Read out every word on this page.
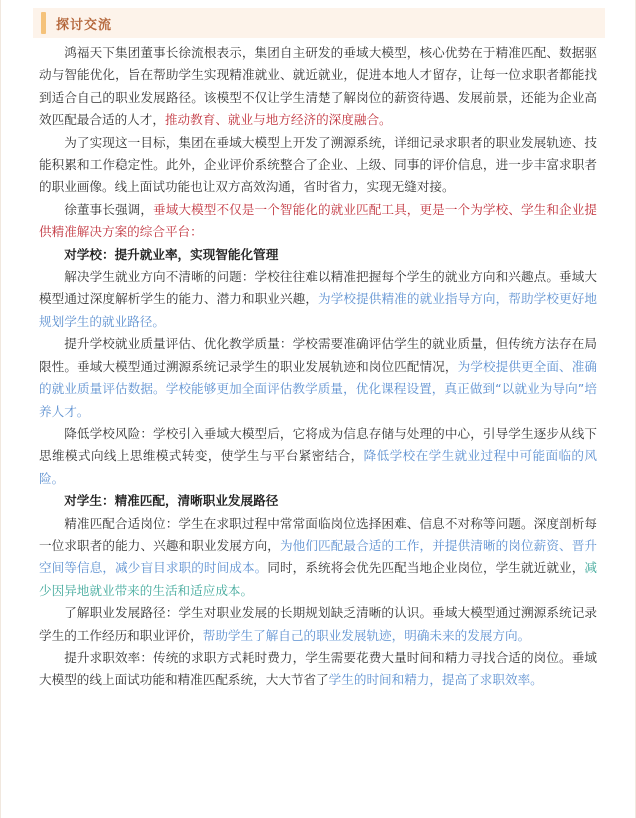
探讨交流

鸿福天下集团董事长徐流根表示，集团自主研发的垂域大模型，核心优势在于精准匹配、数据驱动与智能优化，旨在帮助学生实现精准就业、就近就业，促进本地人才留存，让每一位求职者都能找到适合自己的职业发展路径。该模型不仅让学生清楚了解岗位的薪资待遇、发展前景，还能为企业高效匹配最合适的人才，推动教育、就业与地方经济的深度融合。

为了实现这一目标，集团在垂域大模型上开发了溯源系统，详细记录求职者的职业发展轨迹、技能积累和工作稳定性。此外，企业评价系统整合了企业、上级、同事的评价信息，进一步丰富求职者的职业画像。线上面试功能也让双方高效沟通，省时省力，实现无缝对接。

徐董事长强调，垂域大模型不仅是一个智能化的就业匹配工具，更是一个为学校、学生和企业提供精准解决方案的综合平台：

对学校：提升就业率，实现智能化管理

解决学生就业方向不清晰的问题：学校往往难以精准把握每个学生的就业方向和兴趣点。垂域大模型通过深度解析学生的能力、潜力和职业兴趣，为学校提供精准的就业指导方向，帮助学校更好地规划学生的就业路径。

提升学校就业质量评估、优化教学质量：学校需要准确评估学生的就业质量，但传统方法存在局限性。垂域大模型通过溯源系统记录学生的职业发展轨迹和岗位匹配情况，为学校提供更全面、准确的就业质量评估数据。学校能够更加全面评估教学质量，优化课程设置，真正做到“以就业为导向”培养人才。

降低学校风险：学校引入垂域大模型后，它将成为信息存储与处理的中心，引导学生逐步从线下思维模式向线上思维模式转变，使学生与平台紧密结合，降低学校在学生就业过程中可能面临的风险。

对学生：精准匹配，清晰职业发展路径

精准匹配合适岗位：学生在求职过程中常常面临岗位选择困难、信息不对称等问题。深度剖析每一位求职者的能力、兴趣和职业发展方向，为他们匹配最合适的工作，并提供清晰的岗位薪资、晋升空间等信息，减少盲目求职的时间成本。同时，系统将会优先匹配当地企业岗位，学生就近就业，减少因异地就业带来的生活和适应成本。

了解职业发展路径：学生对职业发展的长期规划缺乏清晰的认识。垂域大模型通过溯源系统记录学生的工作经历和职业评价，帮助学生了解自己的职业发展轨迹，明确未来的发展方向。

提升求职效率：传统的求职方式耗时费力，学生需要花费大量时间和精力寻找合适的岗位。垂域大模型的线上面试功能和精准匹配系统，大大节省了学生的时间和精力，提高了求职效率。
